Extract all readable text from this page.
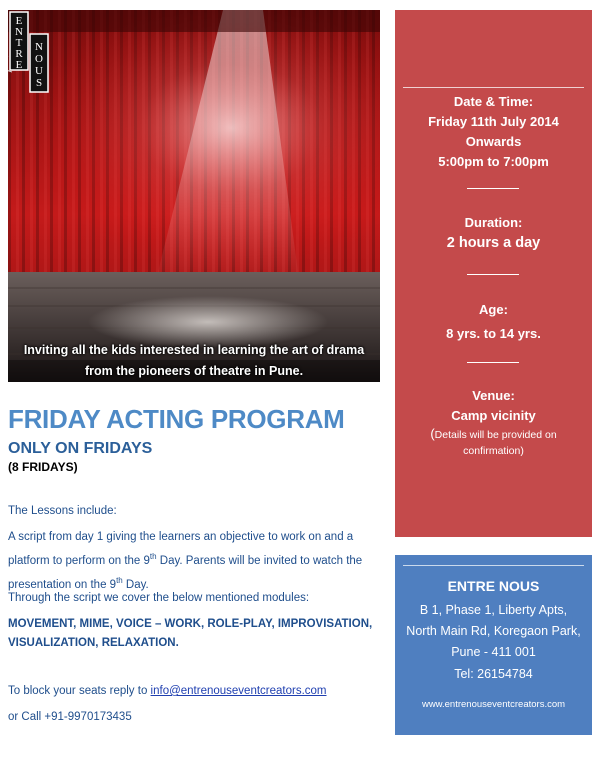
E
N
T
R
E
N
O
U
S
Inviting all the kids interested in learning the art of drama
from the pioneers of theatre in Pune.
Date & Time:
Friday 11th July 2014
Onwards
5:00pm to 7:00pm
Duration:
2 hours a day
Age:
8 yrs. to 14 yrs.
Venue:
Camp vicinity
(Details will be provided on confirmation)
ENTRE NOUS
B 1, Phase 1, Liberty Apts, North Main Rd, Koregaon Park, Pune - 411 001
Tel: 26154784
www.entrenouseventcreators.com
FRIDAY ACTING PROGRAM
ONLY ON FRIDAYS
(8 FRIDAYS)
The Lessons include:
A script from day 1 giving the learners an objective to work on and a platform to perform on the 9th Day. Parents will be invited to watch the presentation on the 9th Day.
Through the script we cover the below mentioned modules:
MOVEMENT, MIME, VOICE – WORK, ROLE-PLAY, IMPROVISATION, VISUALIZATION, RELAXATION.
To block your seats reply to info@entrenouseventcreators.com
or Call +91-9970173435
